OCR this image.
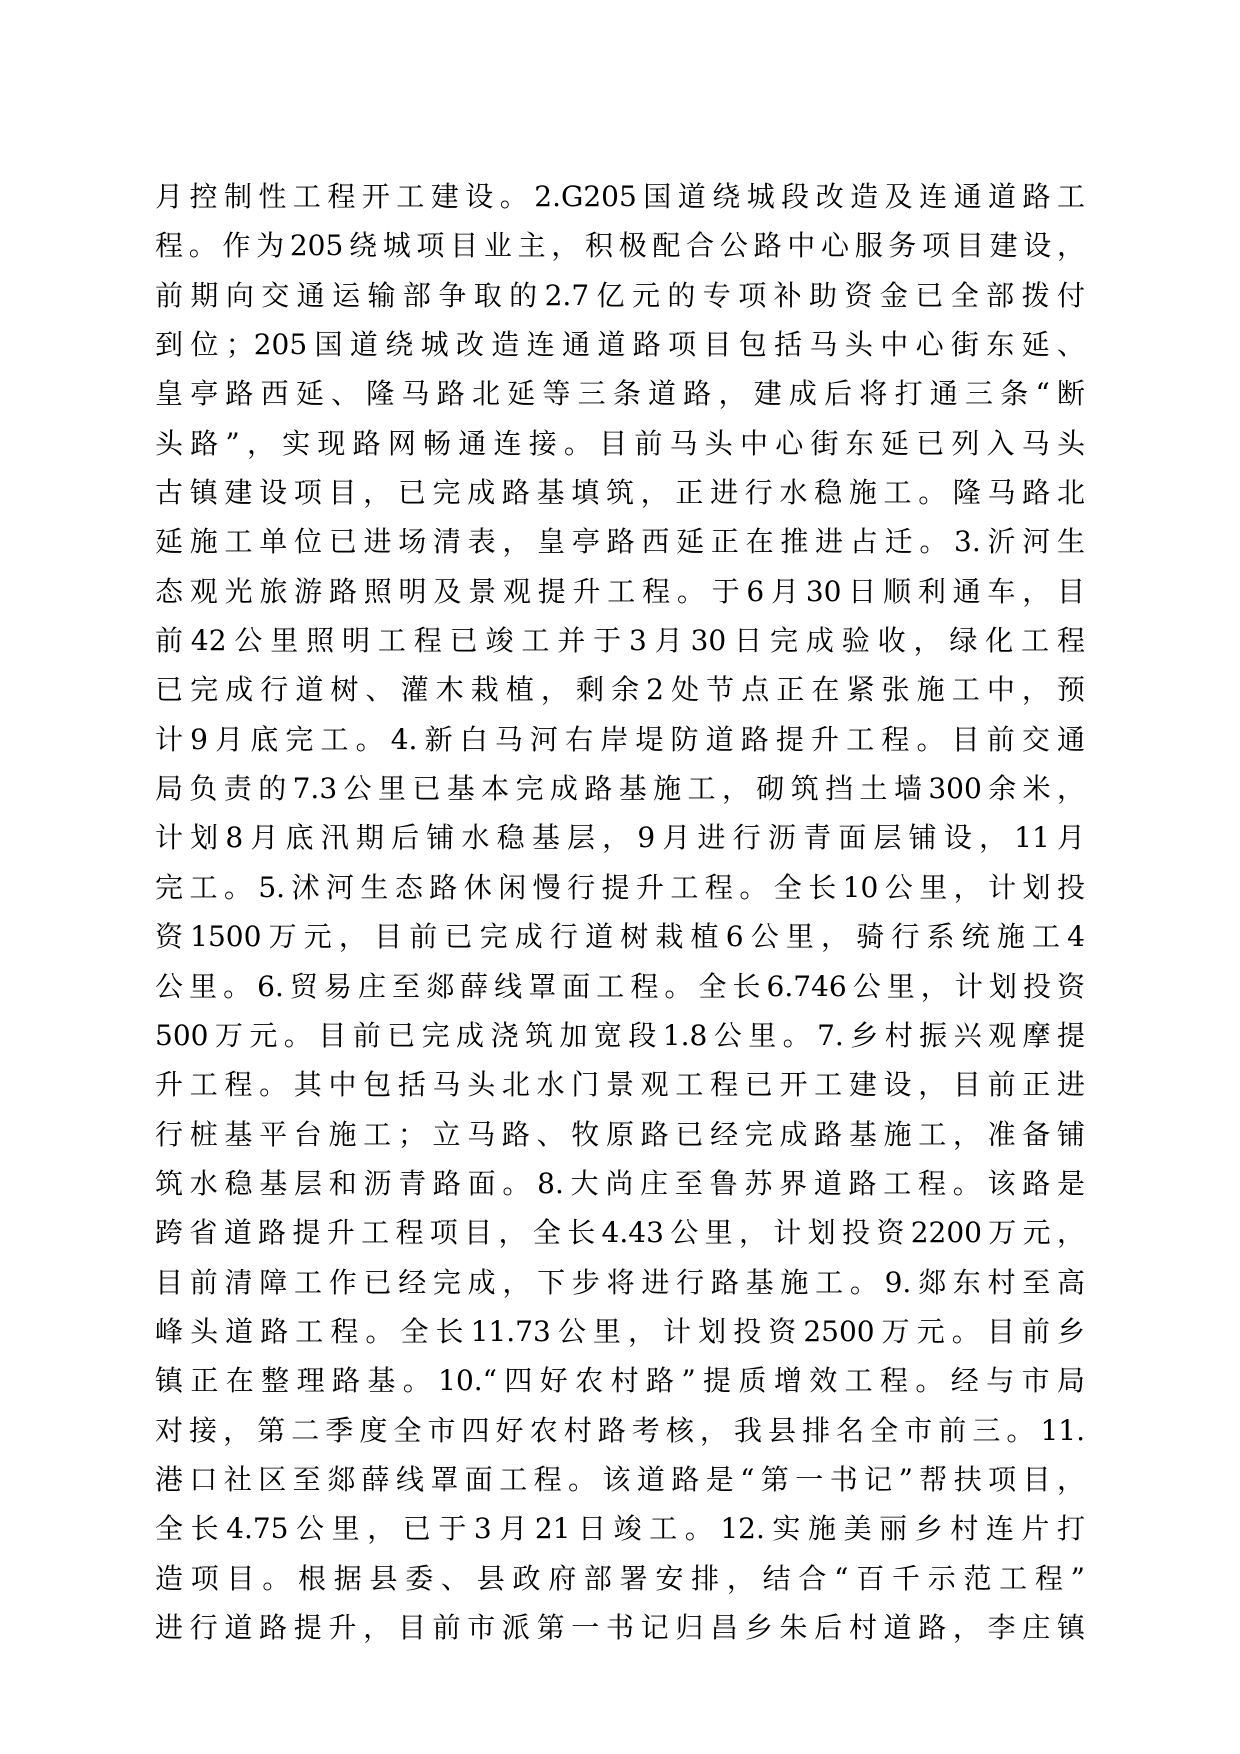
月控制性工程开工建设。2.G205国道绕城段改造及连通道路工
程。作为205绕城项目业主，积极配合公路中心服务项目建设，
前期向交通运输部争取的2.7亿元的专项补助资金已全部拨付
到位；205国道绕城改造连通道路项目包括马头中心街东延、
皇亭路西延、隆马路北延等三条道路，建成后将打通三条“断
头路”，实现路网畅通连接。目前马头中心街东延已列入马头
古镇建设项目，已完成路基填筑，正进行水稳施工。隆马路北
延施工单位已进场清表，皇亭路西延正在推进占迁。3.沂河生
态观光旅游路照明及景观提升工程。于6月30日顺利通车，目
前42公里照明工程已竣工并于3月30日完成验收，绿化工程
已完成行道树、灌木栽植，剩余2处节点正在紧张施工中，预
计9月底完工。4.新白马河右岸堤防道路提升工程。目前交通
局负责的7.3公里已基本完成路基施工，砌筑挡土墙300余米，
计划8月底汛期后铺水稳基层，9月进行沥青面层铺设，11月
完工。5.沭河生态路休闲慢行提升工程。全长10公里，计划投
资1500万元，目前已完成行道树栽植6公里，骑行系统施工4
公里。6.贸易庄至郯薛线罩面工程。全长6.746公里，计划投资
500万元。目前已完成浇筑加宽段1.8公里。7.乡村振兴观摩提
升工程。其中包括马头北水门景观工程已开工建设，目前正进
行桩基平台施工；立马路、牧原路已经完成路基施工，准备铺
筑水稳基层和沥青路面。8.大尚庄至鲁苏界道路工程。该路是
跨省道路提升工程项目，全长4.43公里，计划投资2200万元，
目前清障工作已经完成，下步将进行路基施工。9.郯东村至高
峰头道路工程。全长11.73公里，计划投资2500万元。目前乡
镇正在整理路基。10.“四好农村路”提质增效工程。经与市局
对接，第二季度全市四好农村路考核，我县排名全市前三。11.
港口社区至郯薛线罩面工程。该道路是“第一书记”帮扶项目，
全长4.75公里，已于3月21日竣工。12.实施美丽乡村连片打
造项目。根据县委、县政府部署安排，结合“百千示范工程”
进行道路提升，目前市派第一书记归昌乡朱后村道路，李庄镇
